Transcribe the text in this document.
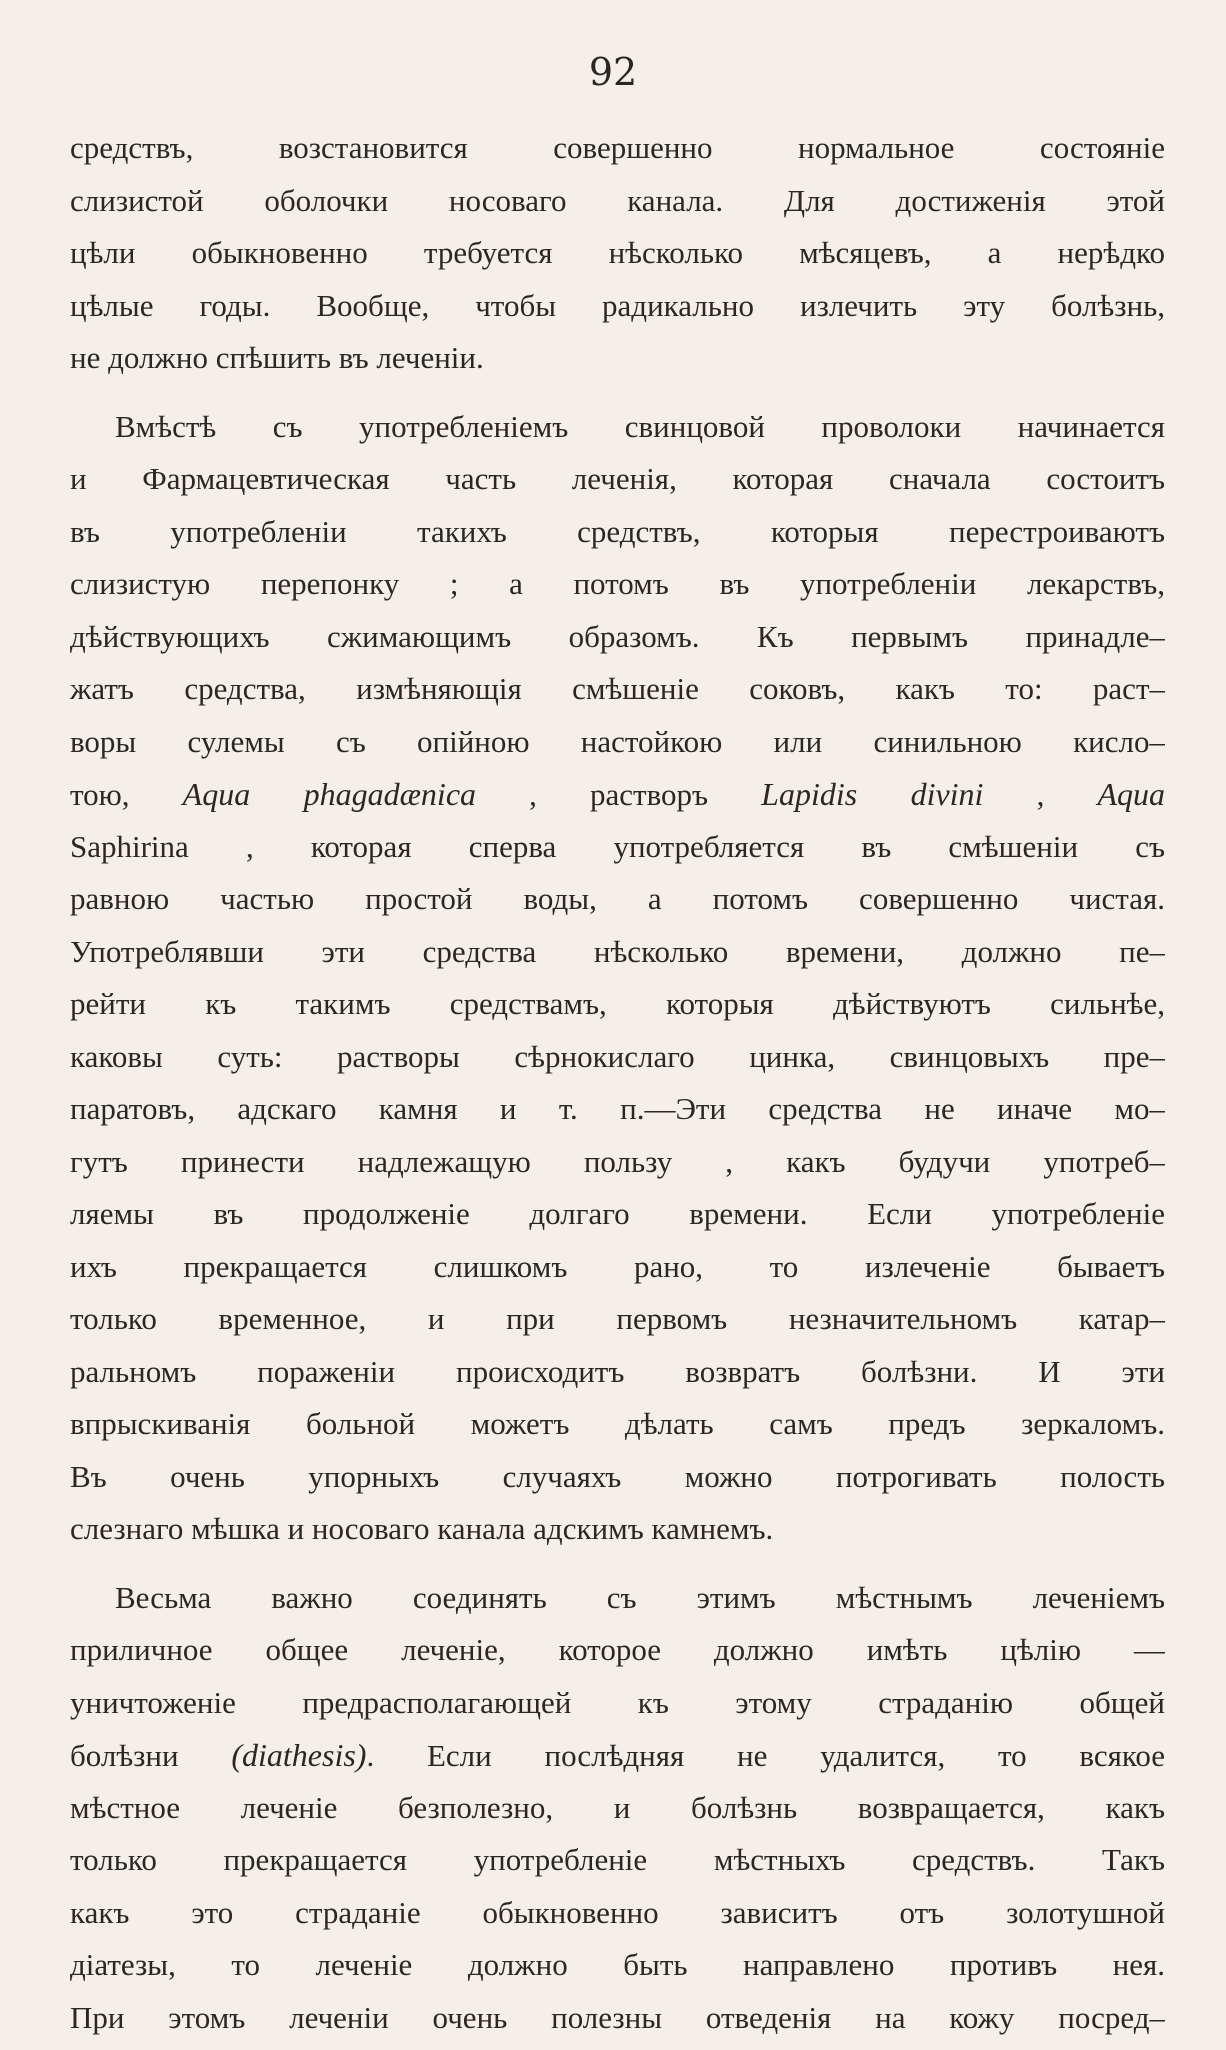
92
средствъ, возстановится совершенно нормальное состояніе
слизистой оболочки носоваго канала. Для достиженія этой
цѣли обыкновенно требуется нѣсколько мѣсяцевъ, а нерѣдко
цѣлые годы. Вообще, чтобы радикально излечить эту болѣзнь,
не должно спѣшить въ леченіи.
Вмѣстѣ съ употребленіемъ свинцовой проволоки начинается
и Фармацевтическая часть леченія, которая сначала состоитъ
въ употребленіи такихъ средствъ, которыя перестроиваютъ
слизистую перепонку ; а потомъ въ употребленіи лекарствъ,
дѣйствующихъ сжимающимъ образомъ. Къ первымъ принадле–
жатъ средства, измѣняющія смѣшеніе соковъ, какъ то: раст–
воры сулемы съ опійною настойкою или синильною кисло–
тою, Aqua phagadænica , растворъ Lapidis divini , Aqua
Saphirina , которая сперва употребляется въ смѣшеніи съ
равною частью простой воды, а потомъ совершенно чистая.
Употреблявши эти средства нѣсколько времени, должно пе–
рейти къ такимъ средствамъ, которыя дѣйствуютъ сильнѣе,
каковы суть: растворы сѣрнокислаго цинка, свинцовыхъ пре–
паратовъ, адскаго камня и т. п.—Эти средства не иначе мо–
гутъ принести надлежащую пользу , какъ будучи употреб–
ляемы въ продолженіе долгаго времени. Если употребленіе
ихъ прекращается слишкомъ рано, то излеченіе бываетъ
только временное, и при первомъ незначительномъ катар–
ральномъ пораженіи происходитъ возвратъ болѣзни. И эти
впрыскиванія больной можетъ дѣлать самъ предъ зеркаломъ.
Въ очень упорныхъ случаяхъ можно потрогивать полость
слезнаго мѣшка и носоваго канала адскимъ камнемъ.
Весьма важно соединять съ этимъ мѣстнымъ леченіемъ
приличное общее леченіе, которое должно имѣть цѣлію —
уничтоженіе предрасполагающей къ этому страданію общей
болѣзни (diathesis). Если послѣдняя не удалится, то всякое
мѣстное леченіе безполезно, и болѣзнь возвращается, какъ
только прекращается употребленіе мѣстныхъ средствъ. Такъ
какъ это страданіе обыкновенно зависитъ отъ золотушной
діатезы, то леченіе должно быть направлено противъ нея.
При этомъ леченіи очень полезны отведенія на кожу посред–
